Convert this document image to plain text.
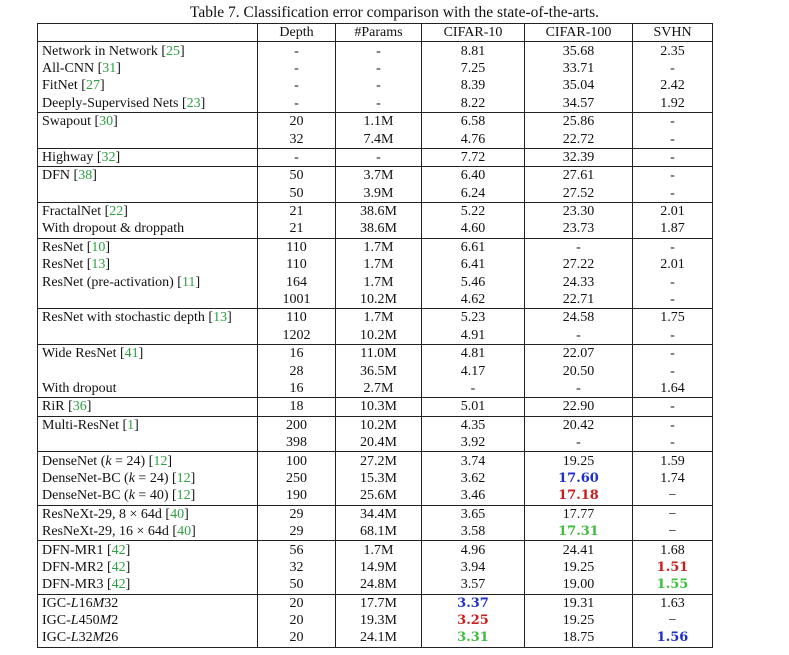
Table 7. Classification error comparison with the state-of-the-arts.
	Depth	#Params	CIFAR-10	CIFAR-100	SVHN
Network in Network [25]	-	-	8.81	35.68	2.35
All-CNN [31]	-	-	7.25	33.71	-
FitNet [27]	-	-	8.39	35.04	2.42
Deeply-Supervised Nets [23]	-	-	8.22	34.57	1.92
Swapout [30]	20	1.1M	6.58	25.86	-
	32	7.4M	4.76	22.72	-
Highway [32]	-	-	7.72	32.39	-
DFN [38]	50	3.7M	6.40	27.61	-
	50	3.9M	6.24	27.52	-
FractalNet [22]	21	38.6M	5.22	23.30	2.01
With dropout & droppath	21	38.6M	4.60	23.73	1.87
ResNet [10]	110	1.7M	6.61	-	-
ResNet [13]	110	1.7M	6.41	27.22	2.01
ResNet (pre-activation) [11]	164	1.7M	5.46	24.33	-
	1001	10.2M	4.62	22.71	-
ResNet with stochastic depth [13]	110	1.7M	5.23	24.58	1.75
	1202	10.2M	4.91	-	-
Wide ResNet [41]	16	11.0M	4.81	22.07	-
	28	36.5M	4.17	20.50	-
With dropout	16	2.7M	-	-	1.64
RiR [36]	18	10.3M	5.01	22.90	-
Multi-ResNet [1]	200	10.2M	4.35	20.42	-
	398	20.4M	3.92	-	-
DenseNet (k = 24) [12]	100	27.2M	3.74	19.25	1.59
DenseNet-BC (k = 24) [12]	250	15.3M	3.62	17.60	1.74
DenseNet-BC (k = 40) [12]	190	25.6M	3.46	17.18	−
ResNeXt-29, 8 × 64d [40]	29	34.4M	3.65	17.77	−
ResNeXt-29, 16 × 64d [40]	29	68.1M	3.58	17.31	−
DFN-MR1 [42]	56	1.7M	4.96	24.41	1.68
DFN-MR2 [42]	32	14.9M	3.94	19.25	1.51
DFN-MR3 [42]	50	24.8M	3.57	19.00	1.55
IGC-L16M32	20	17.7M	3.37	19.31	1.63
IGC-L450M2	20	19.3M	3.25	19.25	−
IGC-L32M26	20	24.1M	3.31	18.75	1.56
